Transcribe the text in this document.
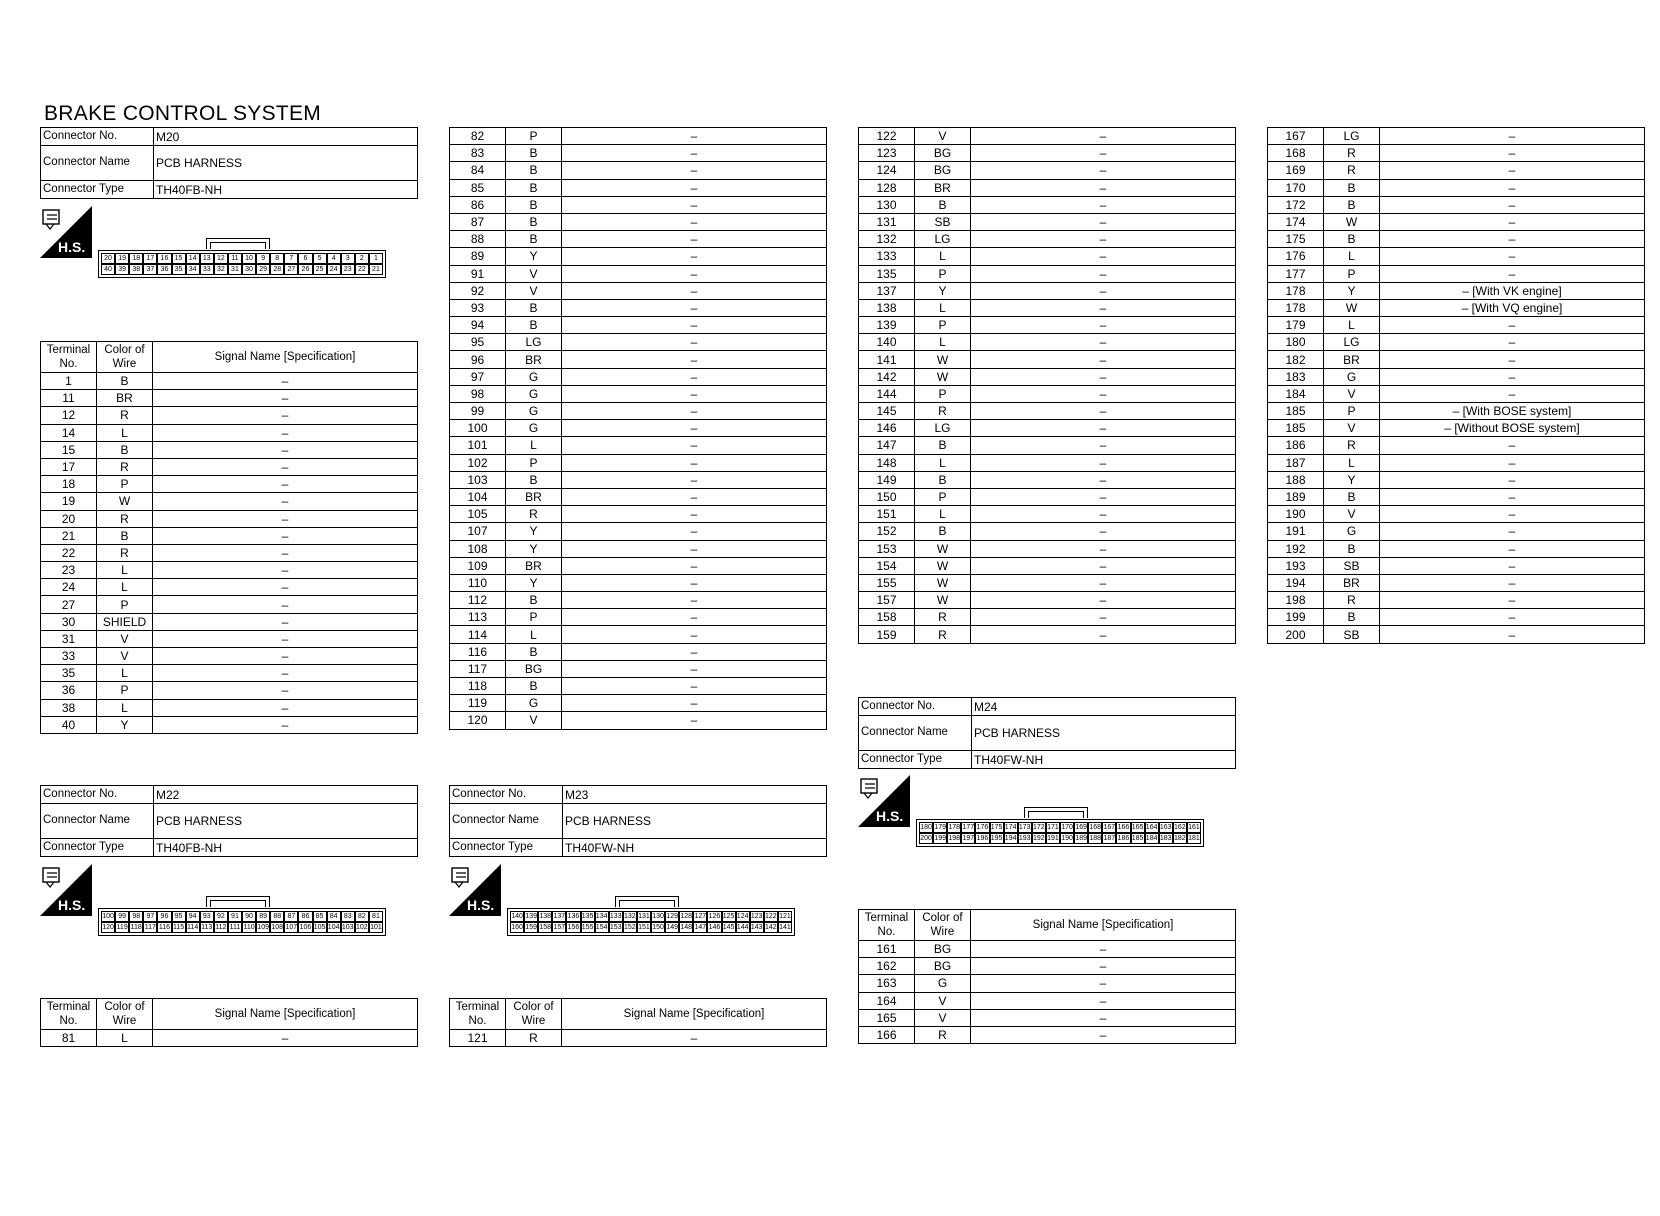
BRAKE CONTROL SYSTEM
Connector No.	M20
Connector Name	PCB HARNESS
Connector Type	TH40FB-NH
Connector No.	M22
Connector Name	PCB HARNESS
Connector Type	TH40FB-NH
Connector No.	M23
Connector Name	PCB HARNESS
Connector Type	TH40FW-NH
Connector No.	M24
Connector Name	PCB HARNESS
Connector Type	TH40FW-NH
H.S.
20 19 18 17 16 15 14 13 12 11 10	9	8	7	6	5	4	3	2	1
40 39 38 37 36 35 34 33 32 31 30 29 28 27 26 25 24 23 22 21
H.S.
100 99 98 97 96 95 94 93 92 91 90 89 88 87 86 85 84 83 82 81
120 119 118 117 116 115 114 113 112 111 110 109 108 107 106 105 104 103 102 101
H.S.
140 139 138 137 136 135 134 133 132 131 130 129 128 127 126 125 124 123 122 121
160 159 158 157 156 155 154 153 152 151 150 149 148 147 146 145 144 143 142 141
H.S.
180 179 178 177 176 175 174 173 172 171 170 169 168 167 166 165 164 163 162 161
200 199 198 197 196 195 194 193 192 191 190 189 188 187 186 185 184 183 182 181
Terminal No.	Color of Wire	Signal Name [Specification]
1	B	–
11	BR	–
12	R	–
14	L	–
15	B	–
17	R	–
18	P	–
19	W	–
20	R	–
21	B	–
22	R	–
23	L	–
24	L	–
27	P	–
30	SHIELD	–
31	V	–
33	V	–
35	L	–
36	P	–
38	L	–
40	Y	–
82	P	–
83	B	–
84	B	–
85	B	–
86	B	–
87	B	–
88	B	–
89	Y	–
91	V	–
92	V	–
93	B	–
94	B	–
95	LG	–
96	BR	–
97	G	–
98	G	–
99	G	–
100	G	–
101	L	–
102	P	–
103	B	–
104	BR	–
105	R	–
107	Y	–
108	Y	–
109	BR	–
110	Y	–
112	B	–
113	P	–
114	L	–
116	B	–
117	BG	–
118	B	–
119	G	–
120	V	–
122	V	–
123	BG	–
124	BG	–
128	BR	–
130	B	–
131	SB	–
132	LG	–
133	L	–
135	P	–
137	Y	–
138	L	–
139	P	–
140	L	–
141	W	–
142	W	–
144	P	–
145	R	–
146	LG	–
147	B	–
148	L	–
149	B	–
150	P	–
151	L	–
152	B	–
153	W	–
154	W	–
155	W	–
157	W	–
158	R	–
159	R	–
167	LG	–
168	R	–
169	R	–
170	B	–
172	B	–
174	W	–
175	B	–
176	L	–
177	P	–
178	Y	– [With VK engine]
178	W	– [With VQ engine]
179	L	–
180	LG	–
182	BR	–
183	G	–
184	V	–
185	P	– [With BOSE system]
185	V	– [Without BOSE system]
186	R	–
187	L	–
188	Y	–
189	B	–
190	V	–
191	G	–
192	B	–
193	SB	–
194	BR	–
198	R	–
199	B	–
200	SB	–
Terminal No.	Color of Wire	Signal Name [Specification]
81	L	–
Terminal No.	Color of Wire	Signal Name [Specification]
121	R	–
Terminal No.	Color of Wire	Signal Name [Specification]
161	BG	–
162	BG	–
163	G	–
164	V	–
165	V	–
166	R	–
